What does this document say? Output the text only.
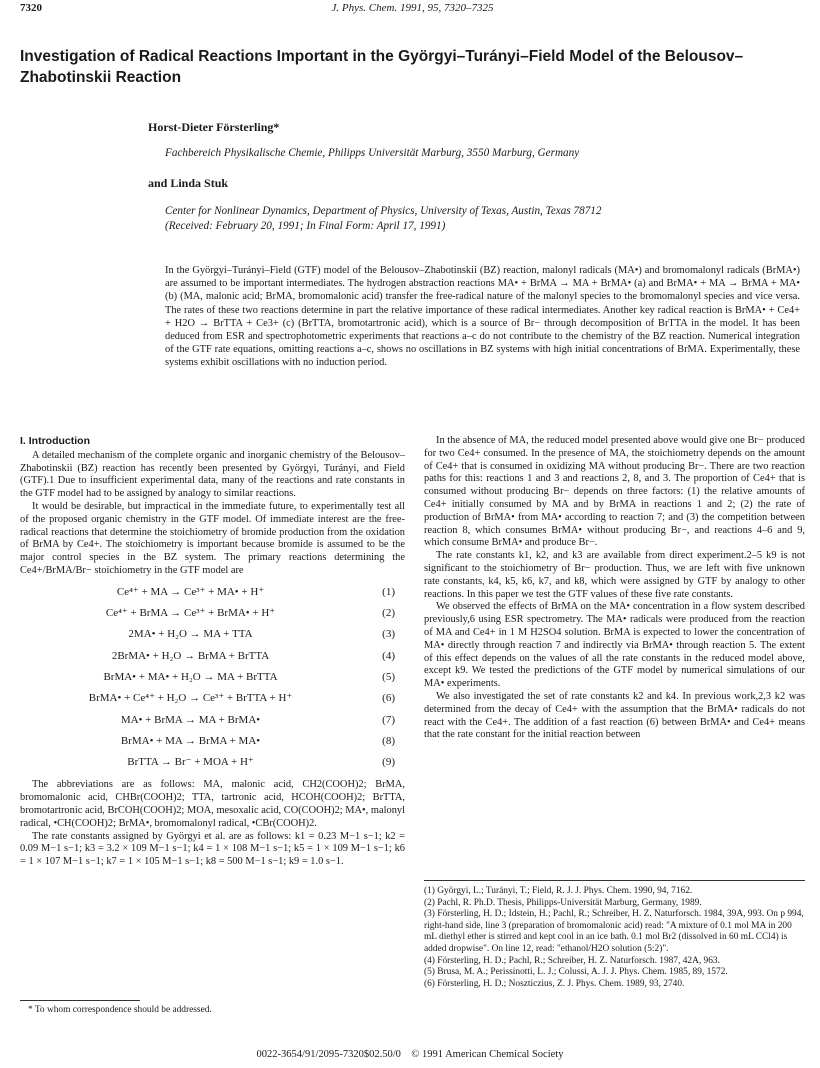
7320	J. Phys. Chem. 1991, 95, 7320–7325
Investigation of Radical Reactions Important in the Györgyi–Turányi–Field Model of the Belousov–Zhabotinskii Reaction
Horst-Dieter Försterling*
Fachbereich Physikalische Chemie, Philipps Universität Marburg, 3550 Marburg, Germany
and Linda Stuk
Center for Nonlinear Dynamics, Department of Physics, University of Texas, Austin, Texas 78712
(Received: February 20, 1991; In Final Form: April 17, 1991)
In the Györgyi–Turányi–Field (GTF) model of the Belousov–Zhabotinskii (BZ) reaction, malonyl radicals (MA•) and bromomalonyl radicals (BrMA•) are assumed to be important intermediates. The hydrogen abstraction reactions MA• + BrMA → MA + BrMA• (a) and BrMA• + MA → BrMA + MA• (b) (MA, malonic acid; BrMA, bromomalonic acid) transfer the free-radical nature of the malonyl species to the bromomalonyl species and vice versa. The rates of these two reactions determine in part the relative importance of these radical intermediates. Another key radical reaction is BrMA• + Ce4+ + H2O → BrTTA + Ce3+ (c) (BrTTA, bromotartronic acid), which is a source of Br− through decomposition of BrTTA in the model. It has been deduced from ESR and spectrophotometric experiments that reactions a–c do not contribute to the chemistry of the BZ reaction. Numerical integration of the GTF rate equations, omitting reactions a–c, shows no oscillations in BZ systems with high initial concentrations of BrMA. Experimentally, these systems exhibit oscillations with no induction period.
I. Introduction

A detailed mechanism of the complete organic and inorganic chemistry of the Belousov–Zhabotinskii (BZ) reaction has recently been presented by Györgyi, Turányi, and Field (GTF).1 Due to insufficient experimental data, many of the reactions and rate constants in the GTF model had to be assigned by analogy to similar reactions.

It would be desirable, but impractical in the immediate future, to experimentally test all of the proposed organic chemistry in the GTF model. Of immediate interest are the free-radical reactions that determine the stoichiometry of bromide production from the oxidation of BrMA by Ce4+. The stoichiometry is important because bromide is assumed to be the major control species in the BZ system. The primary reactions determining the Ce4+/BrMA/Br− stoichiometry in the GTF model are

Ce⁴⁺ + MA → Ce³⁺ + MA• + H⁺	(1)
Ce⁴⁺ + BrMA → Ce³⁺ + BrMA• + H⁺	(2)
2MA• + H₂O → MA + TTA	(3)
2BrMA• + H₂O → BrMA + BrTTA	(4)
BrMA• + MA• + H₂O → MA + BrTTA	(5)
BrMA• + Ce⁴⁺ + H₂O → Ce³⁺ + BrTTA + H⁺	(6)
MA• + BrMA → MA + BrMA•	(7)
BrMA• + MA → BrMA + MA•	(8)
BrTTA → Br⁻ + MOA + H⁺	(9)

The abbreviations are as follows: MA, malonic acid, CH2(COOH)2; BrMA, bromomalonic acid, CHBr(COOH)2; TTA, tartronic acid, HCOH(COOH)2; BrTTA, bromotartronic acid, BrCOH(COOH)2; MOA, mesoxalic acid, CO(COOH)2; MA•, malonyl radical, •CH(COOH)2; BrMA•, bromomalonyl radical, •CBr(COOH)2.

The rate constants assigned by Györgyi et al. are as follows: k1 = 0.23 M−1 s−1; k2 = 0.09 M−1 s−1; k3 = 3.2 × 109 M−1 s−1; k4 = 1 × 108 M−1 s−1; k5 = 1 × 109 M−1 s−1; k6 = 1 × 107 M−1 s−1; k7 = 1 × 105 M−1 s−1; k8 = 500 M−1 s−1; k9 = 1.0 s−1.

* To whom correspondence should be addressed.

In the absence of MA, the reduced model presented above would give one Br− produced for two Ce4+ consumed. In the presence of MA, the stoichiometry depends on the amount of Ce4+ that is consumed in oxidizing MA without producing Br−. There are two reaction paths for this: reactions 1 and 3 and reactions 2, 8, and 3. The proportion of Ce4+ that is consumed without producing Br− depends on three factors: (1) the relative amounts of Ce4+ initially consumed by MA and by BrMA in reactions 1 and 2; (2) the rate of production of BrMA• from MA• according to reaction 7; and (3) the competition between reaction 8, which consumes BrMA• without producing Br−, and reactions 4–6 and 9, which consume BrMA• and produce Br−.

The rate constants k1, k2, and k3 are available from direct experiment.2–5 k9 is not significant to the stoichiometry of Br− production. Thus, we are left with five unknown rate constants, k4, k5, k6, k7, and k8, which were assigned by GTF by analogy to other reactions. In this paper we test the GTF values of these five rate constants.

We observed the effects of BrMA on the MA• concentration in a flow system described previously,6 using ESR spectrometry. The MA• radicals were produced from the reaction of MA and Ce4+ in 1 M H2SO4 solution. BrMA is expected to lower the concentration of MA• directly through reaction 7 and indirectly via BrMA• through reaction 5. The extent of this effect depends on the values of all the rate constants in the reduced model above, except k9. We tested the predictions of the GTF model by numerical simulations of our MA• experiments.

We also investigated the set of rate constants k2 and k4. In previous work,2,3 k2 was determined from the decay of Ce4+ with the assumption that the BrMA• radicals do not react with the Ce4+. The addition of a fast reaction (6) between BrMA• and Ce4+ means that the rate constant for the initial reaction between

(1) Györgyi, L.; Turányi, T.; Field, R. J. J. Phys. Chem. 1990, 94, 7162.

(2) Pachl, R. Ph.D. Thesis, Philipps-Universität Marburg, Germany, 1989.

(3) Försterling, H. D.; Idstein, H.; Pachl, R.; Schreiber, H. Z. Naturforsch. 1984, 39A, 993. On p 994, right-hand side, line 3 (preparation of bromomalonic acid) read: "A mixture of 0.1 mol MA in 200 mL diethyl ether is stirred and kept cool in an ice bath. 0.1 mol Br2 (dissolved in 60 mL CCl4) is added dropwise". On line 12, read: "ethanol/H2O solution (5:2)".

(4) Försterling, H. D.; Pachl, R.; Schreiber, H. Z. Naturforsch. 1987, 42A, 963.

(5) Brusa, M. A.; Perissinotti, L. J.; Colussi, A. J. J. Phys. Chem. 1985, 89, 1572.

(6) Försterling, H. D.; Noszticzius, Z. J. Phys. Chem. 1989, 93, 2740.

0022-3654/91/2095-7320$02.50/0 © 1991 American Chemical Society
